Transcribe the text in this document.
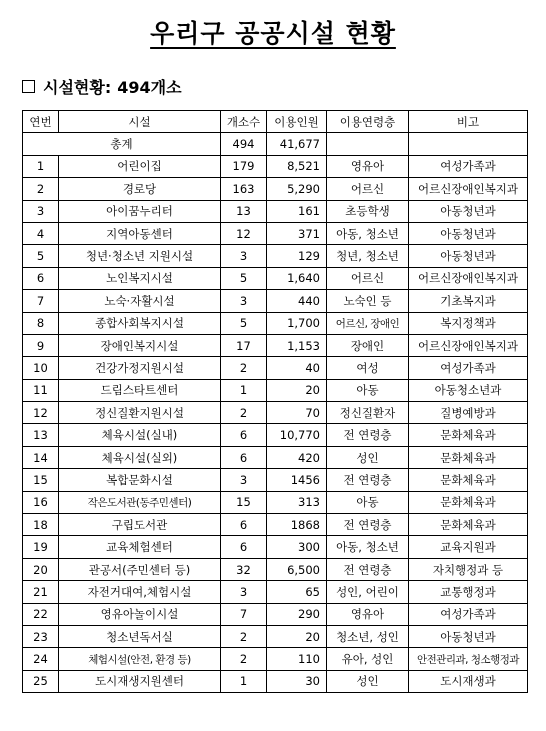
우리구 공공시설 현황
시설현황: 494개소
연번	시설	개소수	이용인원	이용연령층	비고
총계		494	41,677		
1	어린이집	179	8,521	영유아	여성가족과
2	경로당	163	5,290	어르신	어르신장애인복지과
3	아이꿈누리터	13	161	초등학생	아동청년과
4	지역아동센터	12	371	아동, 청소년	아동청년과
5	청년·청소년 지원시설	3	129	청년, 청소년	아동청년과
6	노인복지시설	5	1,640	어르신	어르신장애인복지과
7	노숙·자활시설	3	440	노숙인 등	기초복지과
8	종합사회복지시설	5	1,700	어르신, 장애인	복지정책과
9	장애인복지시설	17	1,153	장애인	어르신장애인복지과
10	건강가정지원시설	2	40	여성	여성가족과
11	드림스타트센터	1	20	아동	아동청소년과
12	정신질환지원시설	2	70	정신질환자	질병예방과
13	체육시설(실내)	6	10,770	전 연령층	문화체육과
14	체육시설(실외)	6	420	성인	문화체육과
15	복합문화시설	3	1456	전 연령층	문화체육과
16	작은도서관(동주민센터)	15	313	아동	문화체육과
18	구립도서관	6	1868	전 연령층	문화체육과
19	교육체험센터	6	300	아동, 청소년	교육지원과
20	관공서(주민센터 등)	32	6,500	전 연령층	자치행정과 등
21	자전거대여,체험시설	3	65	성인, 어린이	교통행정과
22	영유아놀이시설	7	290	영유아	여성가족과
23	청소년독서실	2	20	청소년, 성인	아동청년과
24	체험시설(안전, 환경 등)	2	110	유아, 성인	안전관리과, 청소행정과
25	도시재생지원센터	1	30	성인	도시재생과
